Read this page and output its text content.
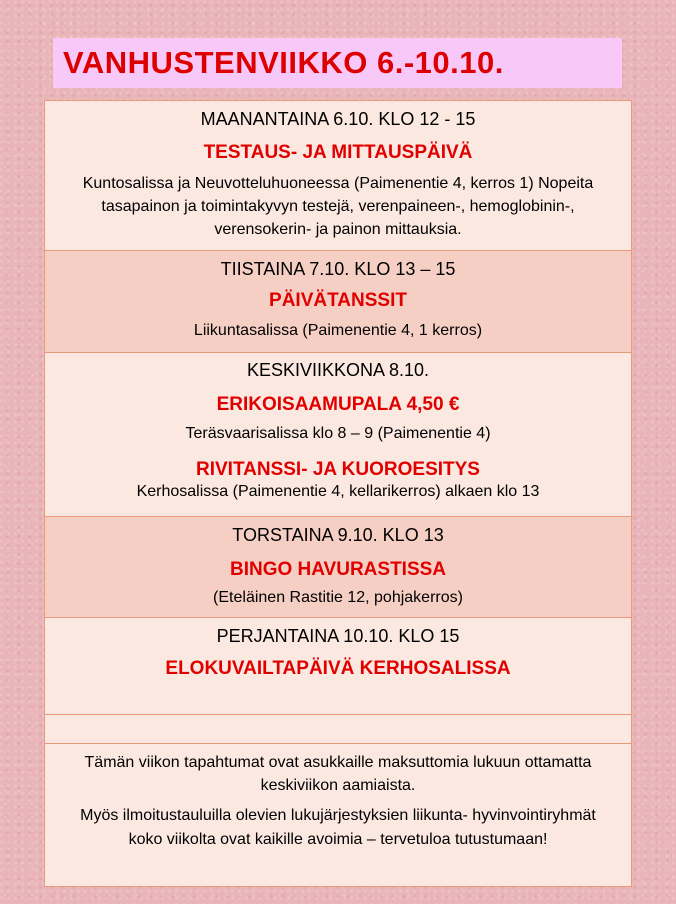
VANHUSTENVIIKKO 6.-10.10.
MAANANTAINA 6.10. KLO 12 - 15
TESTAUS- JA MITTAUSPÄIVÄ
Kuntosalissa ja Neuvotteluhuoneessa (Paimenentie 4, kerros 1) Nopeita tasapainon ja toimintakyvyn testejä, verenpaineen-, hemoglobinin-, verensokerin- ja painon mittauksia.
TIISTAINA 7.10. KLO 13 – 15
PÄIVÄTANSSIT
Liikuntasalissa (Paimenentie 4, 1 kerros)
KESKIVIIKKONA 8.10.
ERIKOISAAMUPALA 4,50 €
Teräsvaarisalissa klo 8 – 9 (Paimenentie 4)
RIVITANSSI- JA KUOROESITYS
Kerhosalissa (Paimenentie 4, kellarikerros) alkaen klo 13
TORSTAINA 9.10. KLO 13
BINGO HAVURASTISSA
(Eteläinen Rastitie 12, pohjakerros)
PERJANTAINA 10.10. KLO 15
ELOKUVAILTAPÄIVÄ KERHOSALISSA
Tämän viikon tapahtumat ovat asukkaille maksuttomia lukuun ottamatta keskiviikon aamiaista.
Myös ilmoitustauluilla olevien lukujärjestyksien liikunta- hyvinvointiryhmät koko viikolta ovat kaikille avoimia – tervetuloa tutustumaan!
